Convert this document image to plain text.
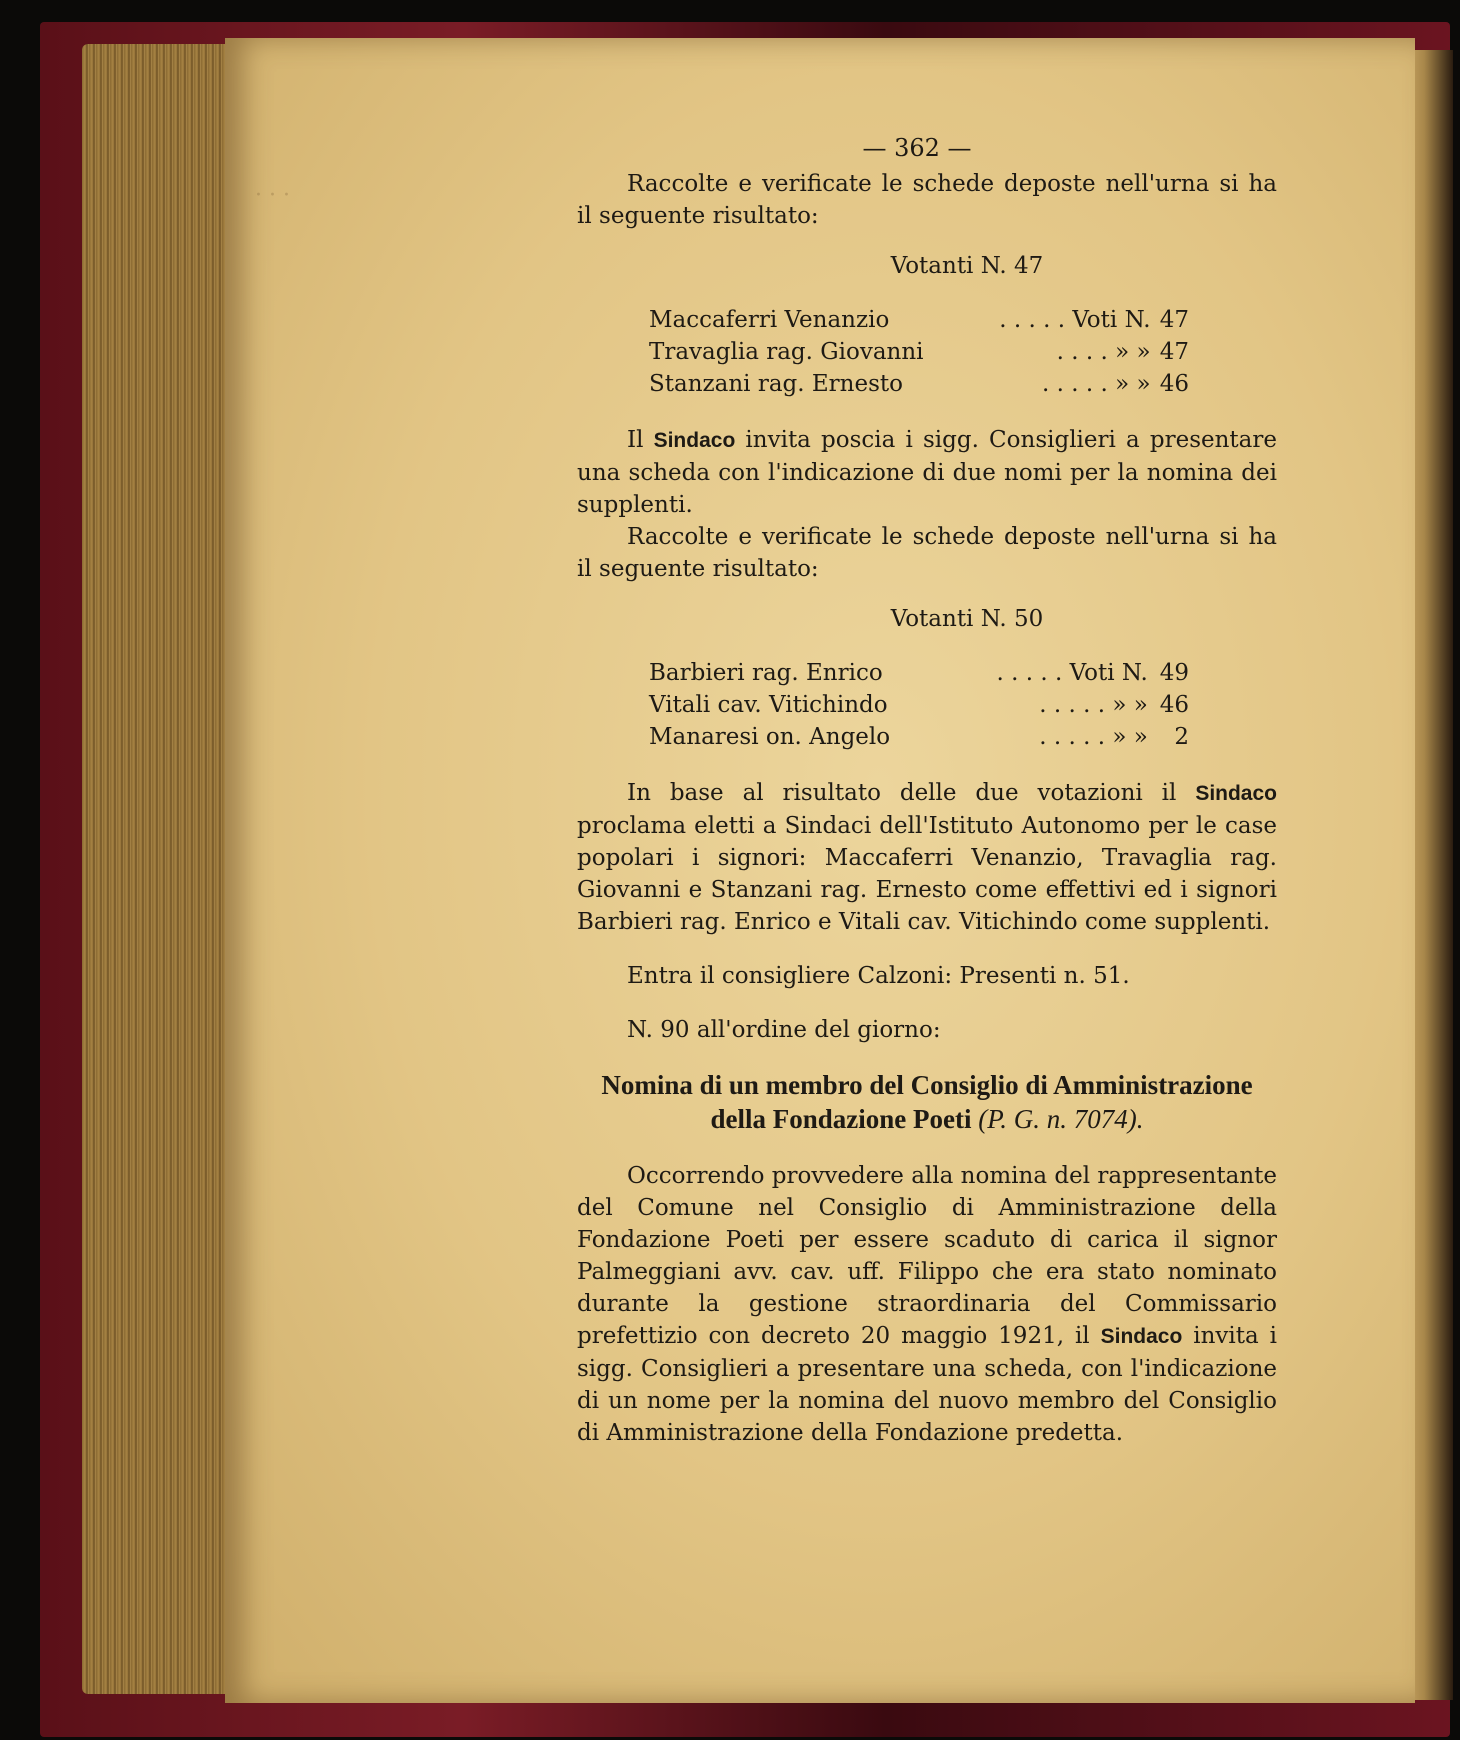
· · ·
— 362 —

Raccolte e verificate le schede deposte nell'urna si ha il seguente risultato:

Votanti N. 47
Maccaferri Venanzio	. . . . . Voti N.	47
Travaglia rag. Giovanni	. . . . » »	47
Stanzani rag. Ernesto	. . . . . » »	46

Il Sindaco invita poscia i sigg. Consiglieri a presentare una scheda con l'indicazione di due nomi per la nomina dei supplenti.

Raccolte e verificate le schede deposte nell'urna si ha il seguente risultato:

Votanti N. 50
Barbieri rag. Enrico	. . . . . Voti N.	49
Vitali cav. Vitichindo	. . . . . » »	46
Manaresi on. Angelo	. . . . . » »	2

In base al risultato delle due votazioni il Sindaco proclama eletti a Sindaci dell'Istituto Autonomo per le case popolari i signori: Maccaferri Venanzio, Travaglia rag. Giovanni e Stanzani rag. Ernesto come effettivi ed i signori Barbieri rag. Enrico e Vitali cav. Vitichindo come supplenti.

Entra il consigliere Calzoni: Presenti n. 51.

N. 90 all'ordine del giorno:

Nomina di un membro del Consiglio di Amministrazione della Fondazione Poeti (P. G. n. 7074).

Occorrendo provvedere alla nomina del rappresentante del Comune nel Consiglio di Amministrazione della Fondazione Poeti per essere scaduto di carica il signor Palmeggiani avv. cav. uff. Filippo che era stato nominato durante la gestione straordinaria del Commissario prefettizio con decreto 20 maggio 1921, il Sindaco invita i sigg. Consiglieri a presentare una scheda, con l'indicazione di un nome per la nomina del nuovo membro del Consiglio di Amministrazione della Fondazione predetta.
